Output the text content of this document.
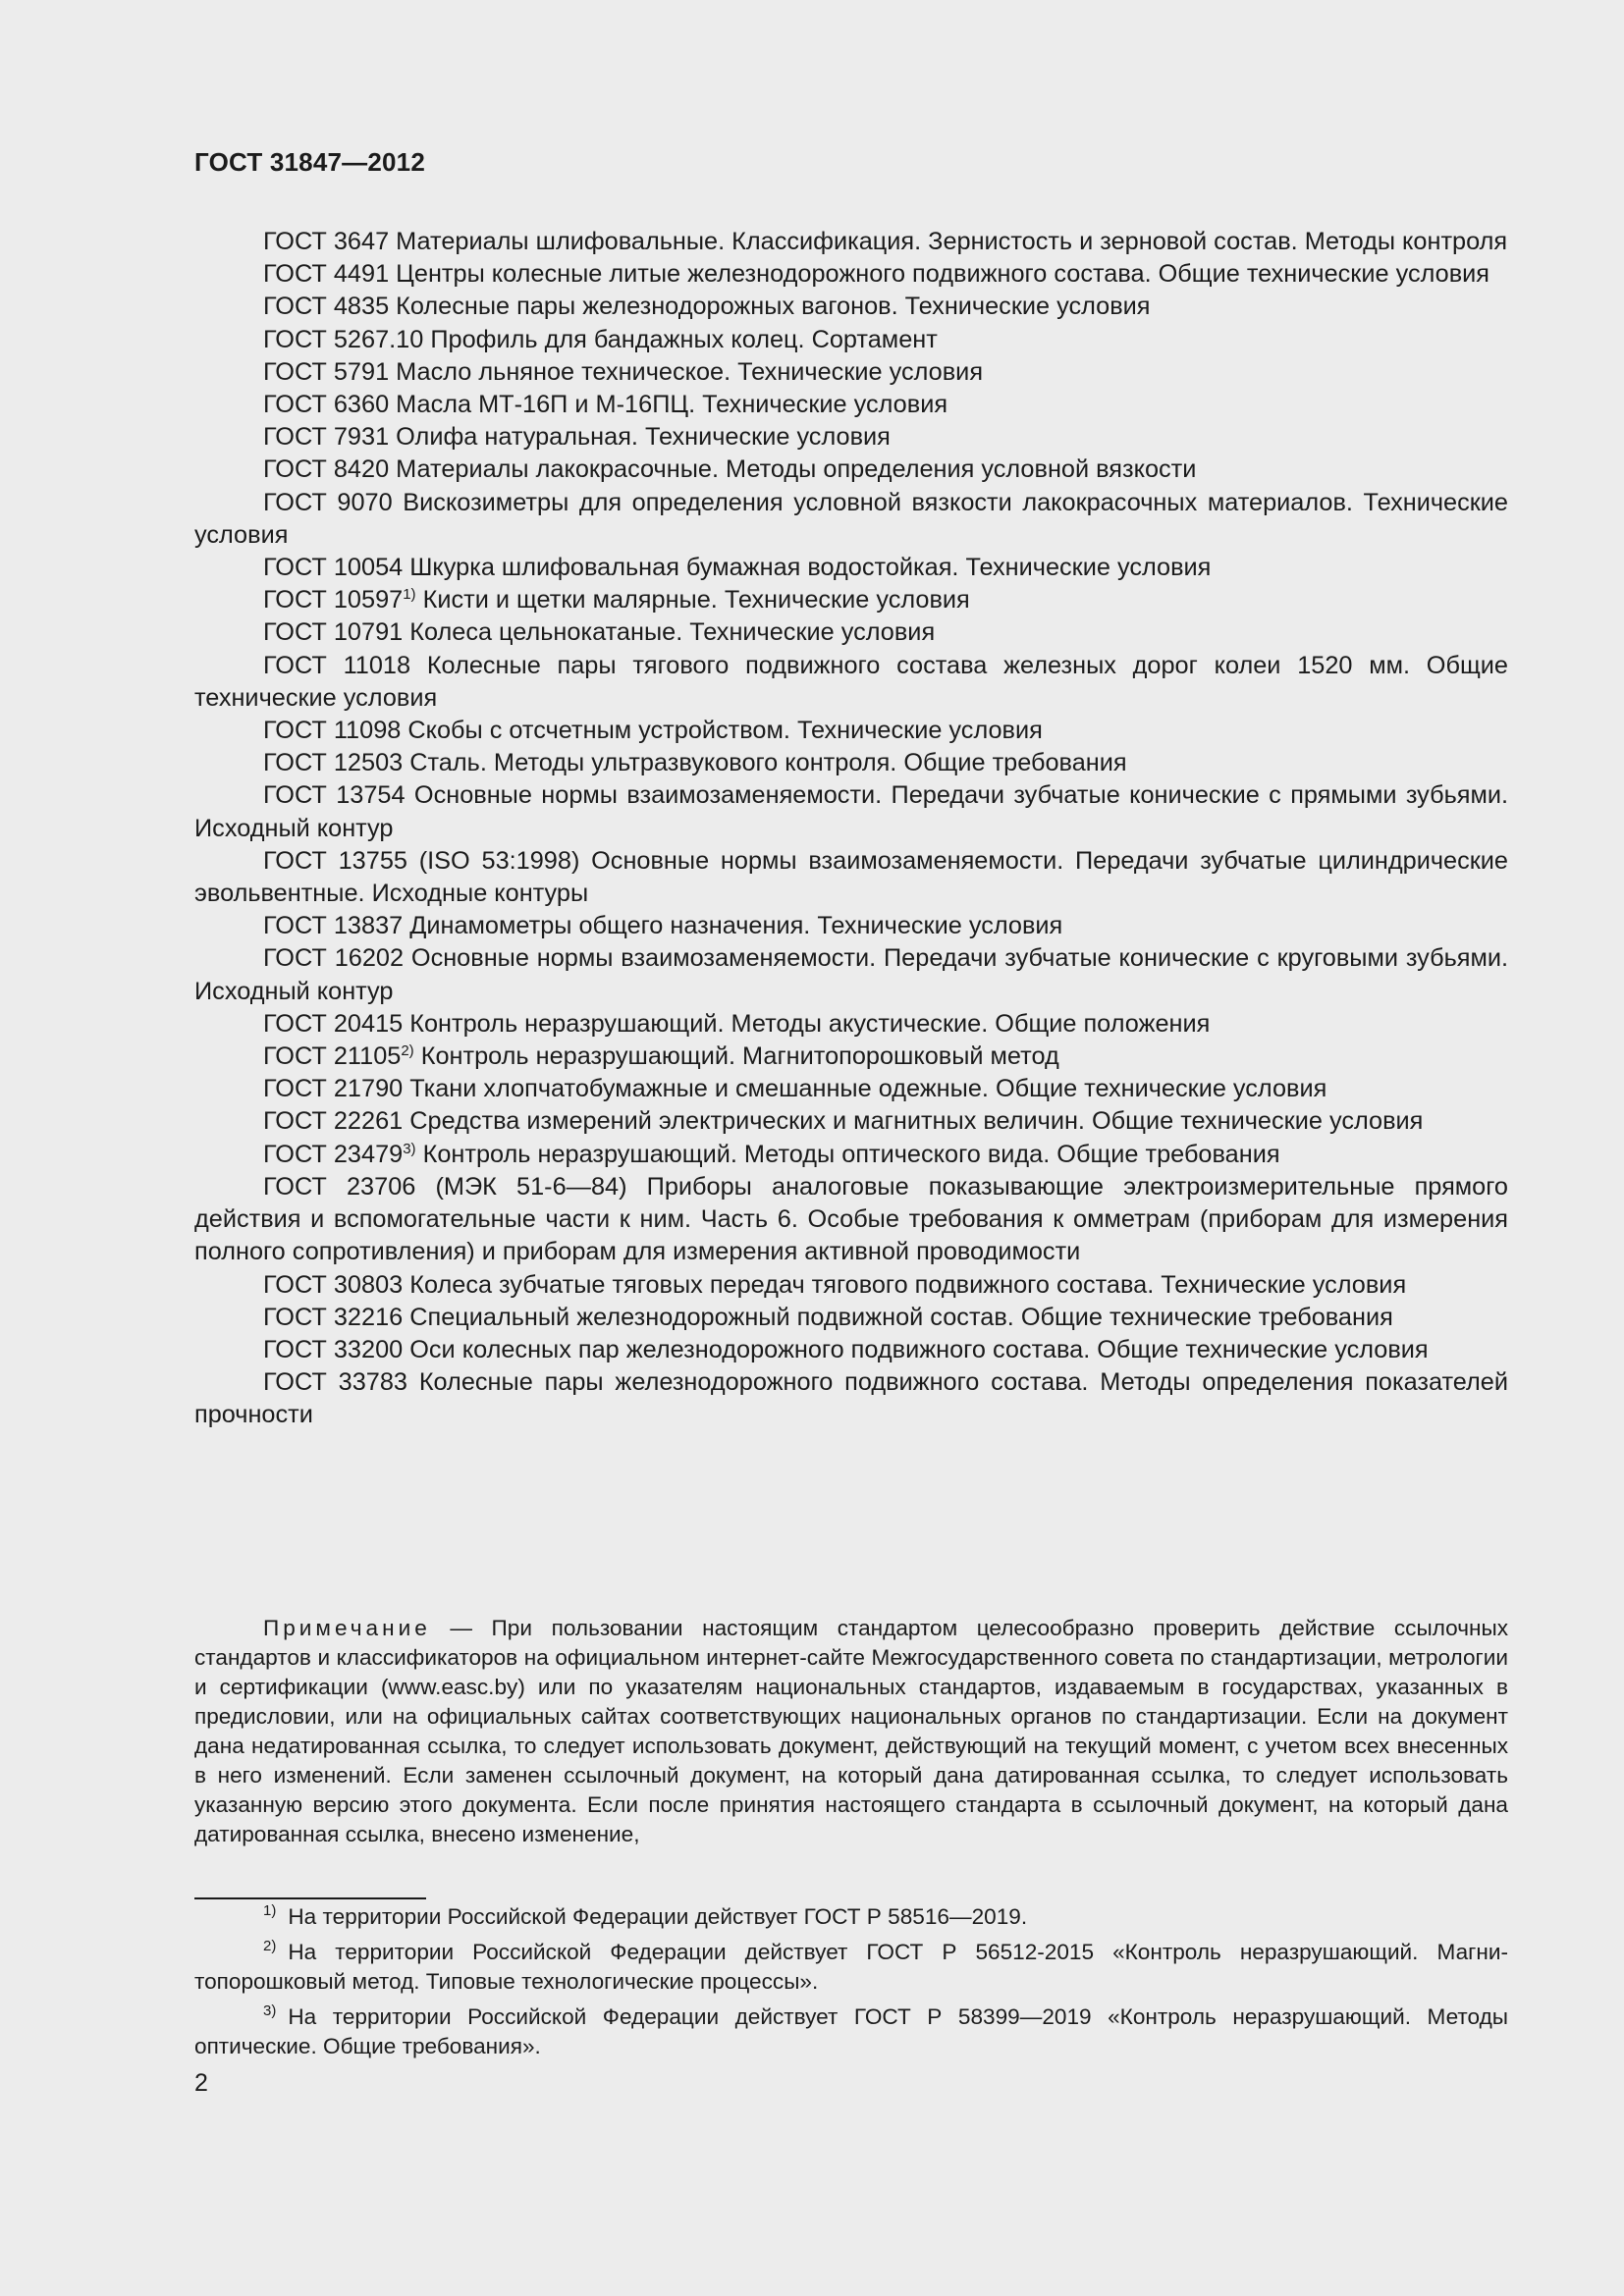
ГОСТ 31847—2012
ГОСТ 3647 Материалы шлифовальные. Классификация. Зернистость и зерновой состав. Методы контроля
ГОСТ 4491 Центры колесные литые железнодорожного подвижного состава. Общие технические условия
ГОСТ 4835 Колесные пары железнодорожных вагонов. Технические условия
ГОСТ 5267.10 Профиль для бандажных колец. Сортамент
ГОСТ 5791 Масло льняное техническое. Технические условия
ГОСТ 6360 Масла МТ-16П и М-16ПЦ. Технические условия
ГОСТ 7931 Олифа натуральная. Технические условия
ГОСТ 8420 Материалы лакокрасочные. Методы определения условной вязкости
ГОСТ 9070 Вискозиметры для определения условной вязкости лакокрасочных материалов. Технические условия
ГОСТ 10054 Шкурка шлифовальная бумажная водостойкая. Технические условия
ГОСТ 10597$^{1)}$ Кисти и щетки малярные. Технические условия
ГОСТ 10791 Колеса цельнокатаные. Технические условия
ГОСТ 11018 Колесные пары тягового подвижного состава железных дорог колеи 1520 мм. Общие технические условия
ГОСТ 11098 Скобы с отсчетным устройством. Технические условия
ГОСТ 12503 Сталь. Методы ультразвукового контроля. Общие требования
ГОСТ 13754 Основные нормы взаимозаменяемости. Передачи зубчатые конические с прямыми зубьями. Исходный контур
ГОСТ 13755 (ISO 53:1998) Основные нормы взаимозаменяемости. Передачи зубчатые цилиндрические эвольвентные. Исходные контуры
ГОСТ 13837 Динамометры общего назначения. Технические условия
ГОСТ 16202 Основные нормы взаимозаменяемости. Передачи зубчатые конические с круговыми зубьями. Исходный контур
ГОСТ 20415 Контроль неразрушающий. Методы акустические. Общие положения
ГОСТ 21105$^{2)}$ Контроль неразрушающий. Магнитопорошковый метод
ГОСТ 21790 Ткани хлопчатобумажные и смешанные одежные. Общие технические условия
ГОСТ 22261 Средства измерений электрических и магнитных величин. Общие технические условия
ГОСТ 23479$^{3)}$ Контроль неразрушающий. Методы оптического вида. Общие требования
ГОСТ 23706 (МЭК 51-6—84) Приборы аналоговые показывающие электроизмерительные прямого действия и вспомогательные части к ним. Часть 6. Особые требования к омметрам (приборам для измерения полного сопротивления) и приборам для измерения активной проводимости
ГОСТ 30803 Колеса зубчатые тяговых передач тягового подвижного состава. Технические условия
ГОСТ 32216 Специальный железнодорожный подвижной состав. Общие технические требования
ГОСТ 33200 Оси колесных пар железнодорожного подвижного состава. Общие технические условия
ГОСТ 33783 Колесные пары железнодорожного подвижного состава. Методы определения показателей прочности
Примечание — При пользовании настоящим стандартом целесообразно проверить действие ссылочных стандартов и классификаторов на официальном интернет-сайте Межгосударственного совета по стандартизации, метрологии и сертификации (www.easc.by) или по указателям национальных стандартов, издаваемым в государствах, указанных в предисловии, или на официальных сайтах соответствующих национальных органов по стандартизации. Если на документ дана недатированная ссылка, то следует использовать документ, действующий на текущий момент, с учетом всех внесенных в него изменений. Если заменен ссылочный документ, на который дана датированная ссылка, то следует использовать указанную версию этого документа. Если после принятия настоящего стандарта в ссылочный документ, на который дана датированная ссылка, внесено изменение,
$^{1)}$ На территории Российской Федерации действует ГОСТ Р 58516—2019.
$^{2)}$ На территории Российской Федерации действует ГОСТ Р 56512-2015 «Контроль неразрушающий. Магнитопорошковый метод. Типовые технологические процессы».
$^{3)}$ На территории Российской Федерации действует ГОСТ Р 58399—2019 «Контроль неразрушающий. Методы оптические. Общие требования».
2
